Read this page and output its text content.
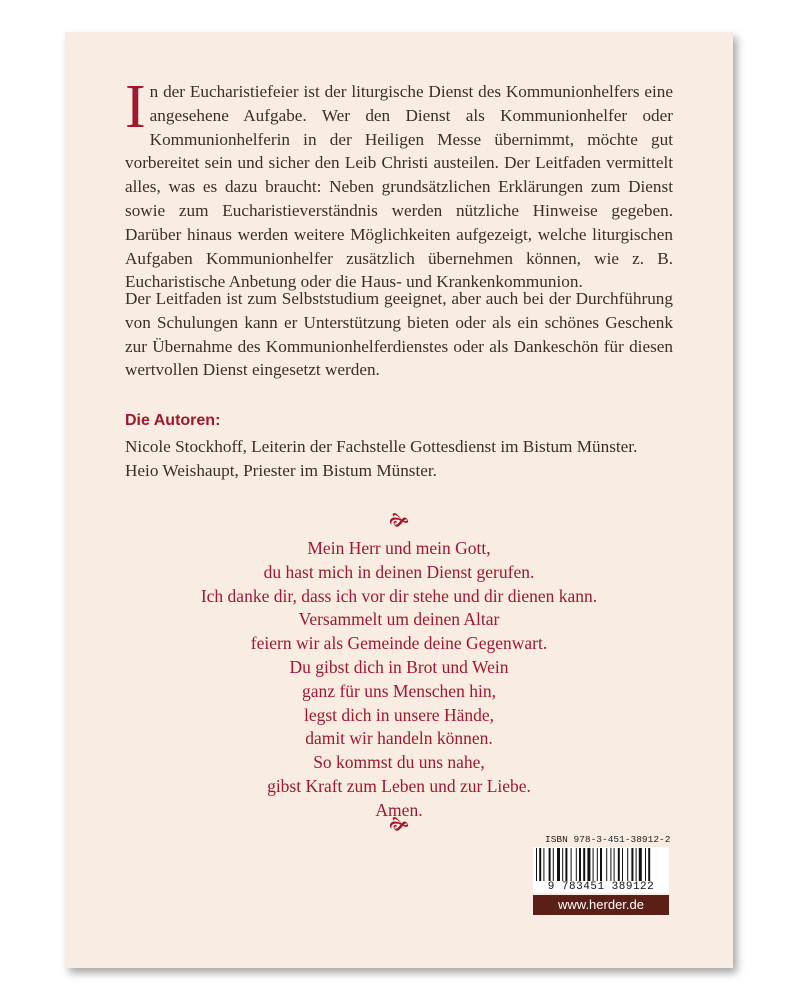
In der Eucharistiefeier ist der liturgische Dienst des Kommunionhelfers eine angesehene Aufgabe. Wer den Dienst als Kommunionhelfer oder Kommunionhelferin in der Heiligen Messe übernimmt, möchte gut vorbereitet sein und sicher den Leib Christi austeilen. Der Leitfaden vermittelt alles, was es dazu braucht: Neben grundsätzlichen Erklärungen zum Dienst sowie zum Eucharistieverständnis werden nützliche Hinweise gegeben. Darüber hinaus werden weitere Möglichkeiten aufgezeigt, welche liturgischen Aufgaben Kommunionhelfer zusätzlich übernehmen können, wie z. B. Eucharistische Anbetung oder die Haus- und Krankenkommunion.

Der Leitfaden ist zum Selbststudium geeignet, aber auch bei der Durchführung von Schulungen kann er Unterstützung bieten oder als ein schönes Geschenk zur Übernahme des Kommunionhelferdienstes oder als Dankeschön für diesen wertvollen Dienst eingesetzt werden.

Die Autoren:

Nicole Stockhoff, Leiterin der Fachstelle Gottesdienst im Bistum Münster.

Heio Weishaupt, Priester im Bistum Münster.

🙞
Mein Herr und mein Gott,
du hast mich in deinen Dienst gerufen.
Ich danke dir, dass ich vor dir stehe und dir dienen kann.
Versammelt um deinen Altar
feiern wir als Gemeinde deine Gegenwart.
Du gibst dich in Brot und Wein
ganz für uns Menschen hin,
legst dich in unsere Hände,
damit wir handeln können.
So kommst du uns nahe,
gibst Kraft zum Leben und zur Liebe.
Amen.
🙞
ISBN 978-3-451-38912-2
9 783451 389122
www.herder.de
